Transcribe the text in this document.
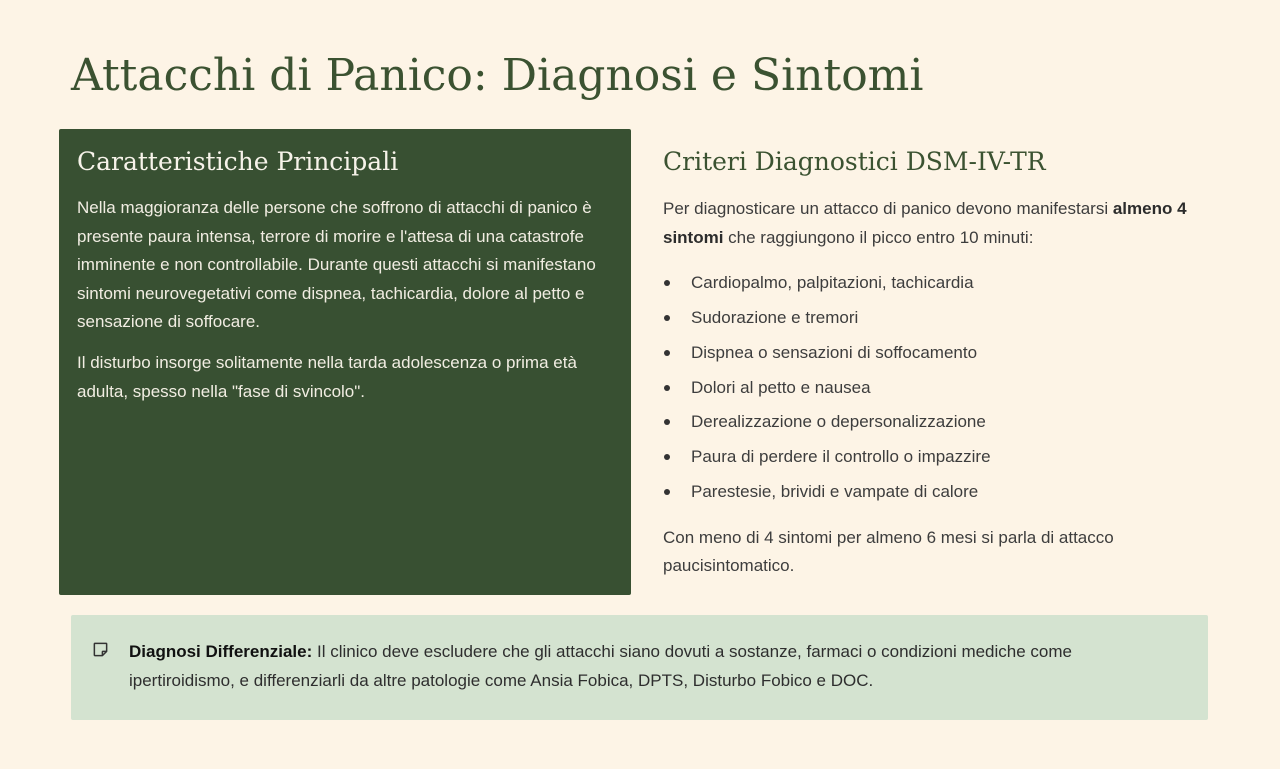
Attacchi di Panico: Diagnosi e Sintomi
Caratteristiche Principali

Nella maggioranza delle persone che soffrono di attacchi di panico è presente paura intensa, terrore di morire e l'attesa di una catastrofe imminente e non controllabile. Durante questi attacchi si manifestano sintomi neurovegetativi come dispnea, tachicardia, dolore al petto e sensazione di soffocare.

Il disturbo insorge solitamente nella tarda adolescenza o prima età adulta, spesso nella "fase di svincolo".

Criteri Diagnostici DSM-IV-TR

Per diagnosticare un attacco di panico devono manifestarsi almeno 4 sintomi che raggiungono il picco entro 10 minuti:

Cardiopalmo, palpitazioni, tachicardia
Sudorazione e tremori
Dispnea o sensazioni di soffocamento
Dolori al petto e nausea
Derealizzazione o depersonalizzazione
Paura di perdere il controllo o impazzire
Parestesie, brividi e vampate di calore

Con meno di 4 sintomi per almeno 6 mesi si parla di attacco paucisintomatico.

Diagnosi Differenziale: Il clinico deve escludere che gli attacchi siano dovuti a sostanze, farmaci o condizioni mediche come ipertiroidismo, e differenziarli da altre patologie come Ansia Fobica, DPTS, Disturbo Fobico e DOC.
